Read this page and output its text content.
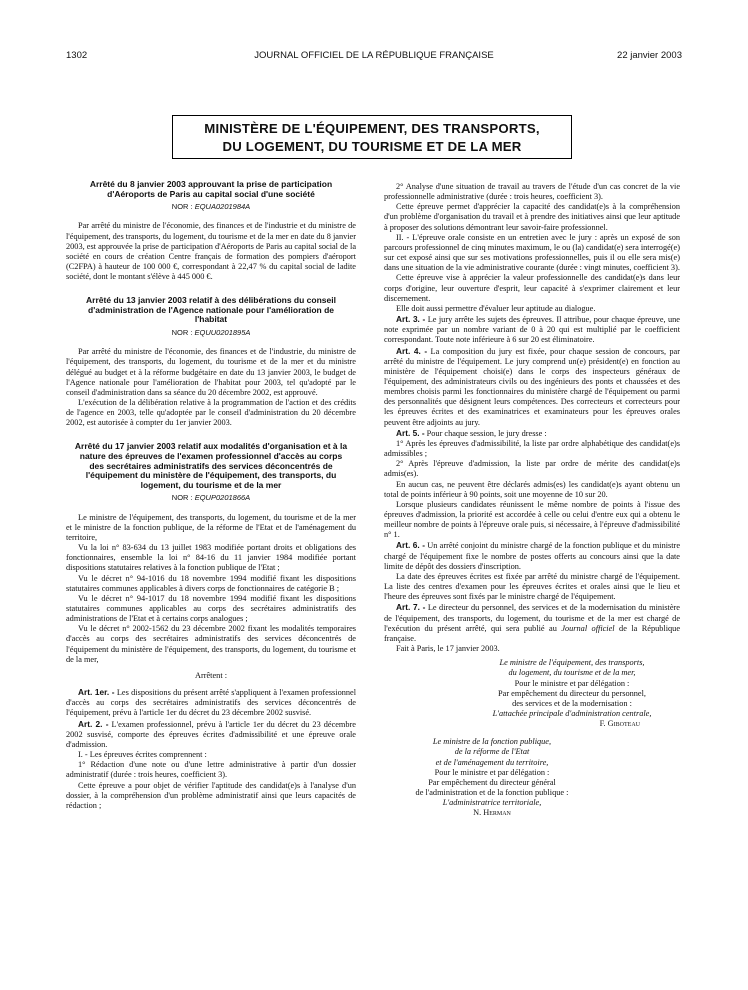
1302	JOURNAL OFFICIEL DE LA RÉPUBLIQUE FRANÇAISE	22 janvier 2003
MINISTÈRE DE L'ÉQUIPEMENT, DES TRANSPORTS,
DU LOGEMENT, DU TOURISME ET DE LA MER
Arrêté du 8 janvier 2003 approuvant la prise de participation d'Aéroports de Paris au capital social d'une société
NOR : EQUA0201984A

Par arrêté du ministre de l'économie, des finances et de l'industrie et du ministre de l'équipement, des transports, du logement, du tourisme et de la mer en date du 8 janvier 2003, est approuvée la prise de participation d'Aéroports de Paris au capital social de la société en cours de création Centre français de formation des pompiers d'aéroport (C2FPA) à hauteur de 100 000 €, correspondant à 22,47 % du capital social de ladite société, dont le montant s'élève à 445 000 €.

Arrêté du 13 janvier 2003 relatif à des délibérations du conseil d'administration de l'Agence nationale pour l'amélioration de l'habitat
NOR : EQUU0201895A

Par arrêté du ministre de l'économie, des finances et de l'industrie, du ministre de l'équipement, des transports, du logement, du tourisme et de la mer et du ministre délégué au budget et à la réforme budgétaire en date du 13 janvier 2003, le budget de l'Agence nationale pour l'amélioration de l'habitat pour 2003, tel qu'adopté par le conseil d'administration dans sa séance du 20 décembre 2002, est approuvé.

L'exécution de la délibération relative à la programmation de l'action et des crédits de l'agence en 2003, telle qu'adoptée par le conseil d'administration du 20 décembre 2002, est autorisée à compter du 1er janvier 2003.

Arrêté du 17 janvier 2003 relatif aux modalités d'organisation et à la nature des épreuves de l'examen professionnel d'accès au corps des secrétaires administratifs des services déconcentrés de l'équipement du ministère de l'équipement, des transports, du logement, du tourisme et de la mer
NOR : EQUP0201866A

Le ministre de l'équipement, des transports, du logement, du tourisme et de la mer et le ministre de la fonction publique, de la réforme de l'Etat et de l'aménagement du territoire,

Vu la loi n° 83-634 du 13 juillet 1983 modifiée portant droits et obligations des fonctionnaires, ensemble la loi n° 84-16 du 11 janvier 1984 modifiée portant dispositions statutaires relatives à la fonction publique de l'Etat ;

Vu le décret n° 94-1016 du 18 novembre 1994 modifié fixant les dispositions statutaires communes applicables à divers corps de fonctionnaires de catégorie B ;

Vu le décret n° 94-1017 du 18 novembre 1994 modifié fixant les dispositions statutaires communes applicables au corps des secrétaires administratifs des administrations de l'Etat et à certains corps analogues ;

Vu le décret n° 2002-1562 du 23 décembre 2002 fixant les modalités temporaires d'accès au corps des secrétaires administratifs des services déconcentrés de l'équipement du ministère de l'équipement, des transports, du logement, du tourisme et de la mer,

Arrêtent :

Art. 1er. - Les dispositions du présent arrêté s'appliquent à l'examen professionnel d'accès au corps des secrétaires administratifs des services déconcentrés de l'équipement, prévu à l'article 1er du décret du 23 décembre 2002 susvisé.

Art. 2. - L'examen professionnel, prévu à l'article 1er du décret du 23 décembre 2002 susvisé, comporte des épreuves écrites d'admissibilité et une épreuve orale d'admission.

I. - Les épreuves écrites comprennent :

1° Rédaction d'une note ou d'une lettre administrative à partir d'un dossier administratif (durée : trois heures, coefficient 3).

Cette épreuve a pour objet de vérifier l'aptitude des candidat(e)s à l'analyse d'un dossier, à la compréhension d'un problème administratif ainsi que leurs capacités de rédaction ;

2° Analyse d'une situation de travail au travers de l'étude d'un cas concret de la vie professionnelle administrative (durée : trois heures, coefficient 3).

Cette épreuve permet d'apprécier la capacité des candidat(e)s à la compréhension d'un problème d'organisation du travail et à prendre des initiatives ainsi que leur aptitude à proposer des solutions démontrant leur savoir-faire professionnel.

II. - L'épreuve orale consiste en un entretien avec le jury : après un exposé de son parcours professionnel de cinq minutes maximum, le ou (la) candidat(e) sera interrogé(e) sur cet exposé ainsi que sur ses motivations professionnelles, puis il ou elle sera mis(e) dans une situation de la vie administrative courante (durée : vingt minutes, coefficient 3).

Cette épreuve vise à apprécier la valeur professionnelle des candidat(e)s dans leur corps d'origine, leur ouverture d'esprit, leur capacité à s'exprimer clairement et leur discernement.

Elle doit aussi permettre d'évaluer leur aptitude au dialogue.

Art. 3. - Le jury arrête les sujets des épreuves. Il attribue, pour chaque épreuve, une note exprimée par un nombre variant de 0 à 20 qui est multiplié par le coefficient correspondant. Toute note inférieure à 6 sur 20 est éliminatoire.

Art. 4. - La composition du jury est fixée, pour chaque session de concours, par arrêté du ministre de l'équipement. Le jury comprend un(e) président(e) en fonction au ministère de l'équipement choisi(e) dans le corps des inspecteurs généraux de l'équipement, des administrateurs civils ou des ingénieurs des ponts et chaussées et des membres choisis parmi les fonctionnaires du ministère chargé de l'équipement ou parmi des personnalités que désignent leurs compétences. Des correcteurs et correcteurs pour les épreuves écrites et des examinatrices et examinateurs pour les épreuves orales peuvent être adjoints au jury.

Art. 5. - Pour chaque session, le jury dresse :

1° Après les épreuves d'admissibilité, la liste par ordre alphabétique des candidat(e)s admissibles ;

2° Après l'épreuve d'admission, la liste par ordre de mérite des candidat(e)s admis(es).

En aucun cas, ne peuvent être déclarés admis(es) les candidat(e)s ayant obtenu un total de points inférieur à 90 points, soit une moyenne de 10 sur 20.

Lorsque plusieurs candidates réunissent le même nombre de points à l'issue des épreuves d'admission, la priorité est accordée à celle ou celui d'entre eux qui a obtenu le meilleur nombre de points à l'épreuve orale puis, si nécessaire, à l'épreuve d'admissibilité n° 1.

Art. 6. - Un arrêté conjoint du ministre chargé de la fonction publique et du ministre chargé de l'équipement fixe le nombre de postes offerts au concours ainsi que la date limite de dépôt des dossiers d'inscription.

La date des épreuves écrites est fixée par arrêté du ministre chargé de l'équipement. La liste des centres d'examen pour les épreuves écrites et orales ainsi que le lieu et l'heure des épreuves sont fixés par le ministre chargé de l'équipement.

Art. 7. - Le directeur du personnel, des services et de la modernisation du ministère de l'équipement, des transports, du logement, du tourisme et de la mer est chargé de l'exécution du présent arrêté, qui sera publié au Journal officiel de la République française.

Fait à Paris, le 17 janvier 2003.

Le ministre de l'équipement, des transports,

du logement, du tourisme et de la mer,

Pour le ministre et par délégation :

Par empêchement du directeur du personnel,

des services et de la modernisation :

L'attachée principale d'administration centrale,

F. Giboteau

Le ministre de la fonction publique,

de la réforme de l'Etat

et de l'aménagement du territoire,

Pour le ministre et par délégation :

Par empêchement du directeur général

de l'administration et de la fonction publique :

L'administratrice territoriale,

N. Herman
